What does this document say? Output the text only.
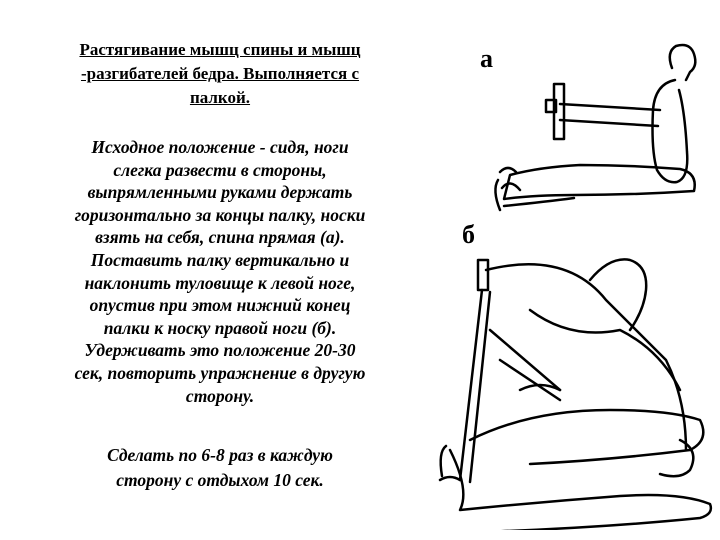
Растягивание мышц спины и мышц
-разгибателей бедра. Выполняется с
палкой.
Исходное положение - сидя, ноги
слегка развести в стороны,
выпрямленными руками держать
горизонтально за концы палку, носки
взять на себя, спина прямая (а).
Поставить палку вертикально и
наклонить туловище к левой ноге,
опустив при этом нижний конец
палки к носку правой ноги (б).
Удерживать это положение 20-30
сек, повторить упражнение в другую
сторону.
Сделать по 6-8 раз в каждую
сторону с отдыхом 10 сек.
а
б
